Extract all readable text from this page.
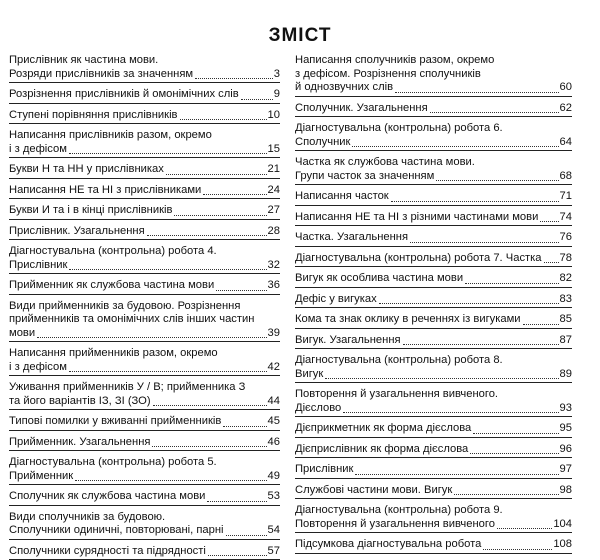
ЗМІСТ
Прислівник як частина мови.
Розряди прислівників за значенням	3
Розрізнення прислівників й омонімічних слів	9
Ступені порівняння прислівників	10
Написання прислівників разом, окремо
і з дефісом	15
Букви Н та НН у прислівниках	21
Написання НЕ та НІ з прислівниками	24
Букви И та і в кінці прислівників	27
Прислівник. Узагальнення	28
Діагностувальна (контрольна) робота 4.
Прислівник	32
Прийменник як службова частина мови	36
Види прийменників за будовою. Розрізнення
прийменників та омонімічних слів інших частин
мови	39
Написання прийменників разом, окремо
і з дефісом	42
Уживання прийменників У / В; прийменника З
та його варіантів ІЗ, ЗІ (ЗО)	44
Типові помилки у вживанні прийменників	45
Прийменник. Узагальнення	46
Діагностувальна (контрольна) робота 5.
Прийменник	49
Сполучник як службова частина мови	53
Види сполучників за будовою.
Сполучники одиничні, повторювані, парні	54
Сполучники сурядності та підрядності	57
Написання сполучників разом, окремо
з дефісом. Розрізнення сполучників
й однозвучних слів	60
Сполучник. Узагальнення	62
Діагностувальна (контрольна) робота 6.
Сполучник	64
Частка як службова частина мови.
Групи часток за значенням	68
Написання часток	71
Написання НЕ та НІ з різними частинами мови 74
Частка. Узагальнення	76
Діагностувальна (контрольна) робота 7. Частка 78
Вигук як особлива частина мови	82
Дефіс у вигуках	83
Кома та знак оклику в реченнях із вигуками	85
Вигук. Узагальнення	87
Діагностувальна (контрольна) робота 8.
Вигук	89
Повторення й узагальнення вивченого.
Дієслово	93
Дієприкметник як форма дієслова	95
Дієприслівник як форма дієслова	96
Прислівник	97
Службові частини мови. Вигук	98
Діагностувальна (контрольна) робота 9.
Повторення й узагальнення вивченого	104
Підсумкова діагностувальна робота	108
